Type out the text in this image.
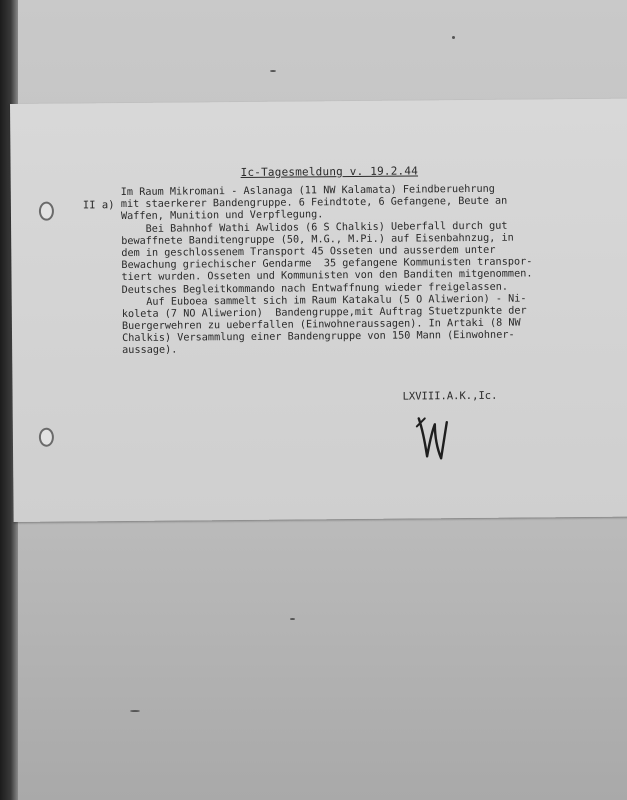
Ic-Tagesmeldung v. 19.2.44
II a)
Im Raum Mikromani - Aslanaga (11 NW Kalamata) Feindberuehrung
mit staerkerer Bandengruppe. 6 Feindtote, 6 Gefangene, Beute an
Waffen, Munition und Verpflegung.
Bei Bahnhof Wathi Awlidos (6 S Chalkis) Ueberfall durch gut
bewaffnete Banditengruppe (50, M.G., M.Pi.) auf Eisenbahnzug, in
dem in geschlossenem Transport 45 Osseten und ausserdem unter
Bewachung griechischer Gendarme  35 gefangene Kommunisten transpor-
tiert wurden. Osseten und Kommunisten von den Banditen mitgenommen.
Deutsches Begleitkommando nach Entwaffnung wieder freigelassen.
Auf Euboea sammelt sich im Raum Katakalu (5 O Aliwerion) - Ni-
koleta (7 NO Aliwerion)  Bandengruppe,mit Auftrag Stuetzpunkte der
Buergerwehren zu ueberfallen (Einwohneraussagen). In Artaki (8 NW
Chalkis) Versammlung einer Bandengruppe von 150 Mann (Einwohner-
aussage).
LXVIII.A.K.,Ic.
